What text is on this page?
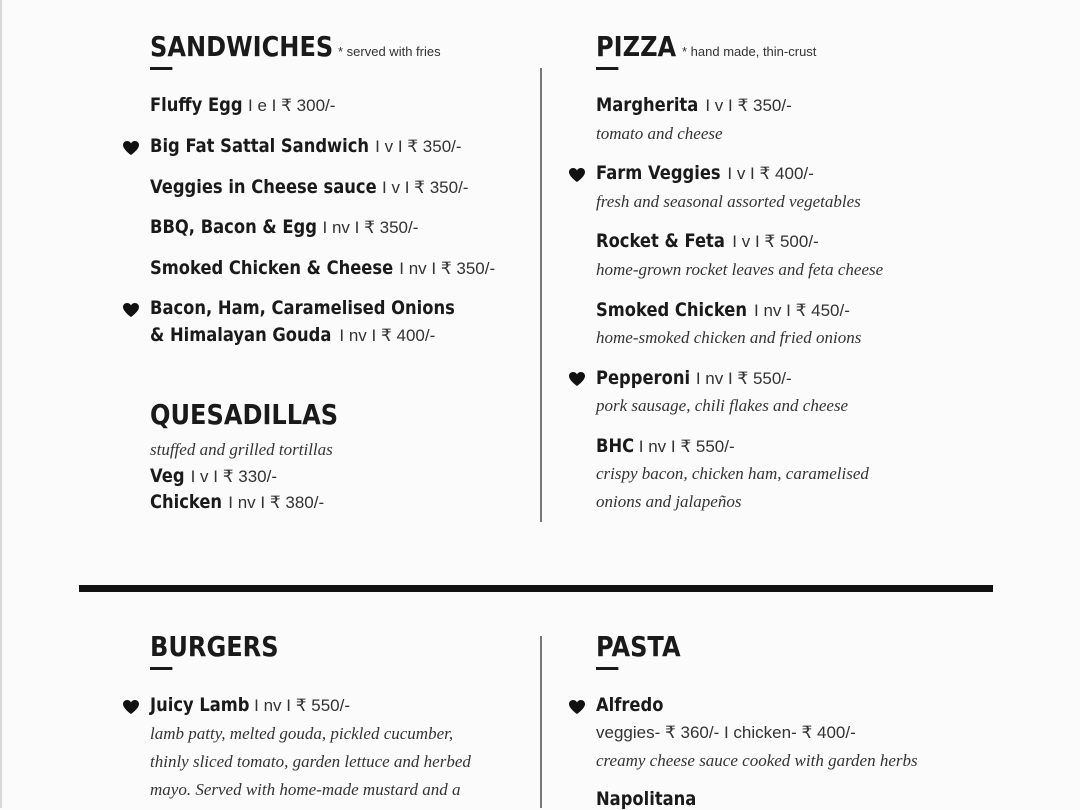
SANDWICHES * served with fries
Fluffy Egg I e I ₹ 300/-
Big Fat Sattal Sandwich I v I ₹ 350/-
Veggies in Cheese sauce I v I ₹ 350/-
BBQ, Bacon & Egg I nv I ₹ 350/-
Smoked Chicken & Cheese I nv I ₹ 350/-
Bacon, Ham, Caramelised Onions
& Himalayan Gouda I nv I ₹ 400/-
QUESADILLAS
stuffed and grilled tortillas
Veg I v I ₹ 330/-
Chicken I nv I ₹ 380/-
PIZZA * hand made, thin-crust
Margherita I v I ₹ 350/-
tomato and cheese
Farm Veggies I v I ₹ 400/-
fresh and seasonal assorted vegetables
Rocket & Feta I v I ₹ 500/-
home-grown rocket leaves and feta cheese
Smoked Chicken I nv I ₹ 450/-
home-smoked chicken and fried onions
Pepperoni I nv I ₹ 550/-
pork sausage, chili flakes and cheese
BHC I nv I ₹ 550/-
crispy bacon, chicken ham, caramelised
onions and jalapeños
BURGERS
Juicy Lamb I nv I ₹ 550/-
lamb patty, melted gouda, pickled cucumber,
thinly sliced tomato, garden lettuce and herbed
mayo. Served with home-made mustard and a
PASTA
Alfredo
veggies- ₹ 360/- I chicken- ₹ 400/-
creamy cheese sauce cooked with garden herbs
Napolitana
